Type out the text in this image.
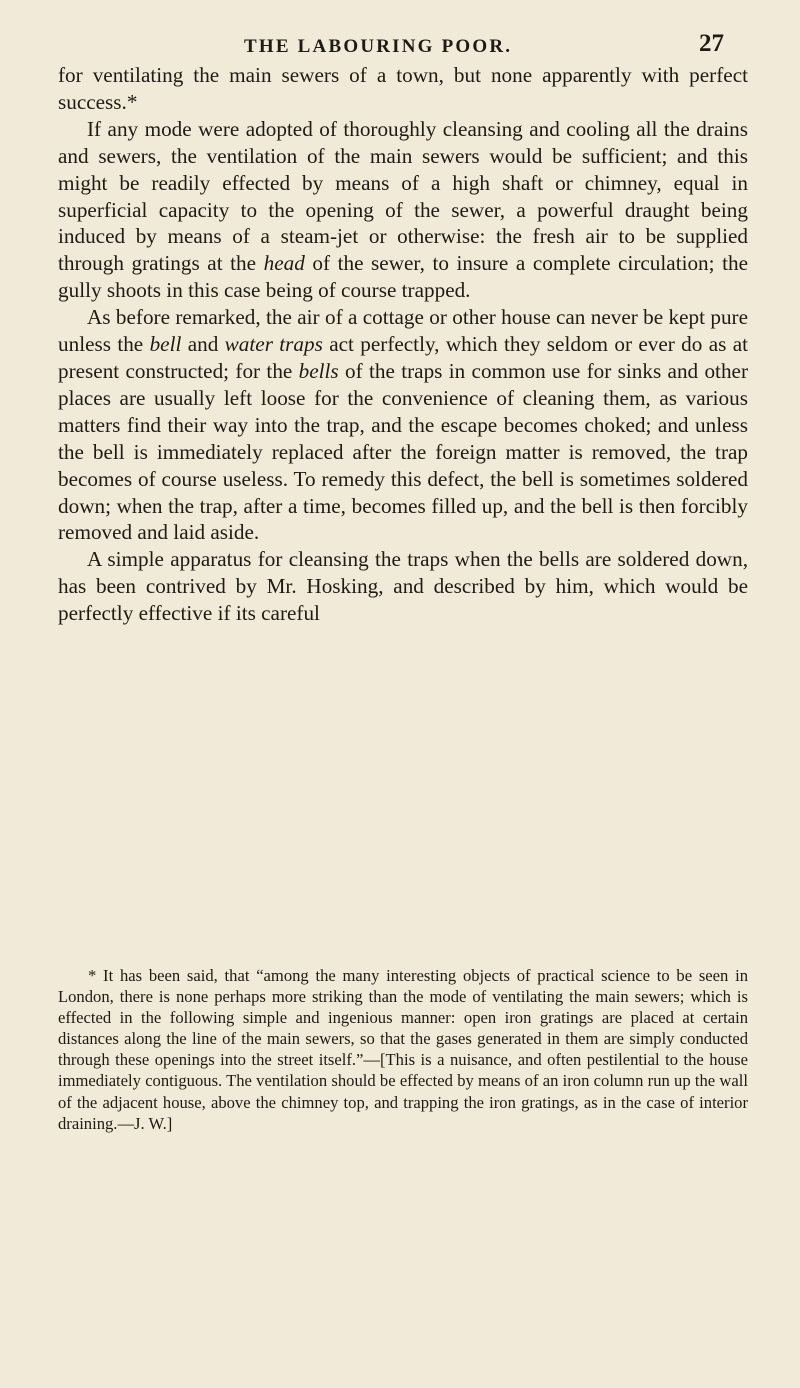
THE LABOURING POOR.	27

for ventilating the main sewers of a town, but none apparently with perfect success.*

If any mode were adopted of thoroughly cleansing and cooling all the drains and sewers, the ventilation of the main sewers would be sufficient; and this might be readily effected by means of a high shaft or chimney, equal in superficial capacity to the opening of the sewer, a powerful draught being induced by means of a steam-jet or otherwise: the fresh air to be supplied through gratings at the head of the sewer, to insure a complete circulation; the gully shoots in this case being of course trapped.

As before remarked, the air of a cottage or other house can never be kept pure unless the bell and water traps act perfectly, which they seldom or ever do as at present constructed; for the bells of the traps in common use for sinks and other places are usually left loose for the convenience of cleaning them, as various matters find their way into the trap, and the escape becomes choked; and unless the bell is immediately replaced after the foreign matter is removed, the trap becomes of course useless. To remedy this defect, the bell is sometimes soldered down; when the trap, after a time, becomes filled up, and the bell is then forcibly removed and laid aside.

A simple apparatus for cleansing the traps when the bells are soldered down, has been contrived by Mr. Hosking, and described by him, which would be perfectly effective if its careful

* It has been said, that “among the many interesting objects of practical science to be seen in London, there is none perhaps more striking than the mode of ventilating the main sewers; which is effected in the following simple and ingenious manner: open iron gratings are placed at certain distances along the line of the main sewers, so that the gases generated in them are simply conducted through these openings into the street itself.”—[This is a nuisance, and often pestilential to the house immediately contiguous. The ventilation should be effected by means of an iron column run up the wall of the adjacent house, above the chimney top, and trapping the iron gratings, as in the case of interior draining.—J. W.]
